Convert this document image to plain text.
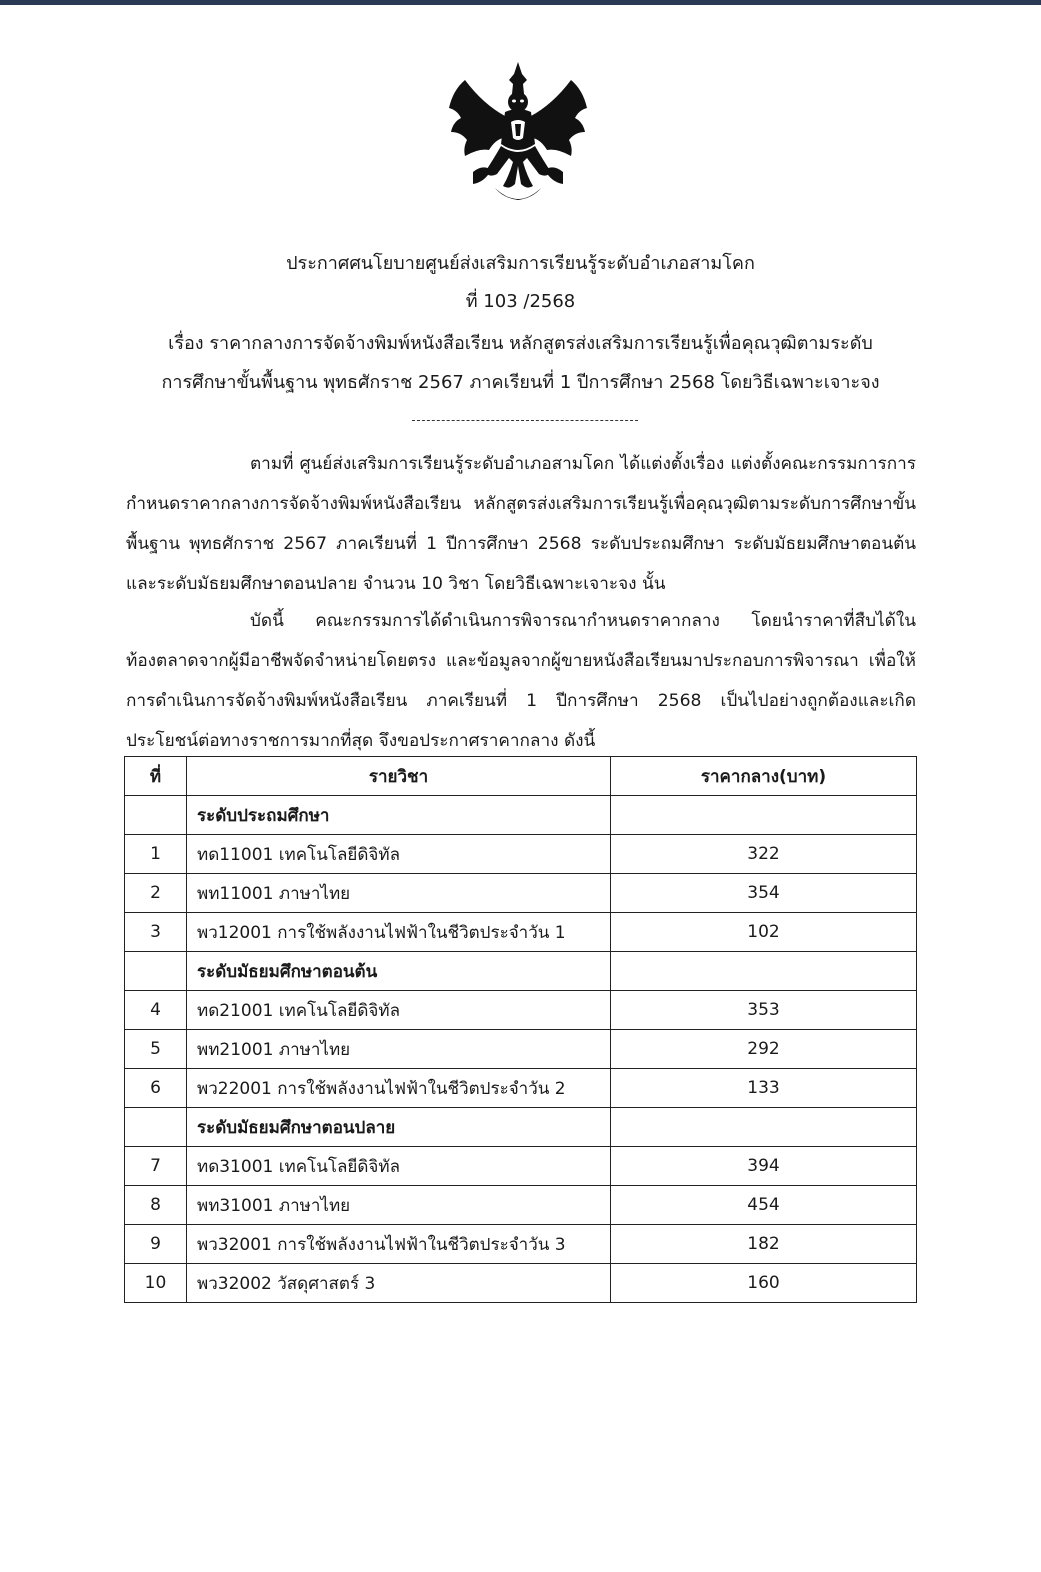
ประกาศศนโยบายศูนย์ส่งเสริมการเรียนรู้ระดับอำเภอสามโคก
ที่ 103 /2568
เรื่อง ราคากลางการจัดจ้างพิมพ์หนังสือเรียน หลักสูตรส่งเสริมการเรียนรู้เพื่อคุณวุฒิตามระดับ
การศึกษาขั้นพื้นฐาน พุทธศักราช 2567 ภาคเรียนที่ 1 ปีการศึกษา 2568 โดยวิธีเฉพาะเจาะจง
ตามที่ ศูนย์ส่งเสริมการเรียนรู้ระดับอำเภอสามโคก ได้แต่งตั้งเรื่อง แต่งตั้งคณะกรรมการการ
กำหนดราคากลางการจัดจ้างพิมพ์หนังสือเรียน หลักสูตรส่งเสริมการเรียนรู้เพื่อคุณวุฒิตามระดับการศึกษาขั้น
พื้นฐาน พุทธศักราช 2567 ภาคเรียนที่ 1 ปีการศึกษา 2568 ระดับประถมศึกษา ระดับมัธยมศึกษาตอนต้น
และระดับมัธยมศึกษาตอนปลาย จำนวน 10 วิชา โดยวิธีเฉพาะเจาะจง นั้น
บัดนี้ คณะกรรมการได้ดำเนินการพิจารณากำหนดราคากลาง โดยนำราคาที่สืบได้ใน
ท้องตลาดจากผู้มีอาชีพจัดจำหน่ายโดยตรง และข้อมูลจากผู้ขายหนังสือเรียนมาประกอบการพิจารณา เพื่อให้
การดำเนินการจัดจ้างพิมพ์หนังสือเรียน ภาคเรียนที่ 1 ปีการศึกษา 2568 เป็นไปอย่างถูกต้องและเกิด
ประโยชน์ต่อทางราชการมากที่สุด จึงขอประกาศราคากลาง ดังนี้
ที่	รายวิชา	ราคากลาง(บาท)
	ระดับประถมศึกษา	
1	ทด11001 เทคโนโลยีดิจิทัล	322
2	พท11001 ภาษาไทย	354
3	พว12001 การใช้พลังงานไฟฟ้าในชีวิตประจำวัน 1	102
	ระดับมัธยมศึกษาตอนต้น	
4	ทด21001 เทคโนโลยีดิจิทัล	353
5	พท21001 ภาษาไทย	292
6	พว22001 การใช้พลังงานไฟฟ้าในชีวิตประจำวัน 2	133
	ระดับมัธยมศึกษาตอนปลาย	
7	ทด31001 เทคโนโลยีดิจิทัล	394
8	พท31001 ภาษาไทย	454
9	พว32001 การใช้พลังงานไฟฟ้าในชีวิตประจำวัน 3	182
10	พว32002 วัสดุศาสตร์ 3	160
